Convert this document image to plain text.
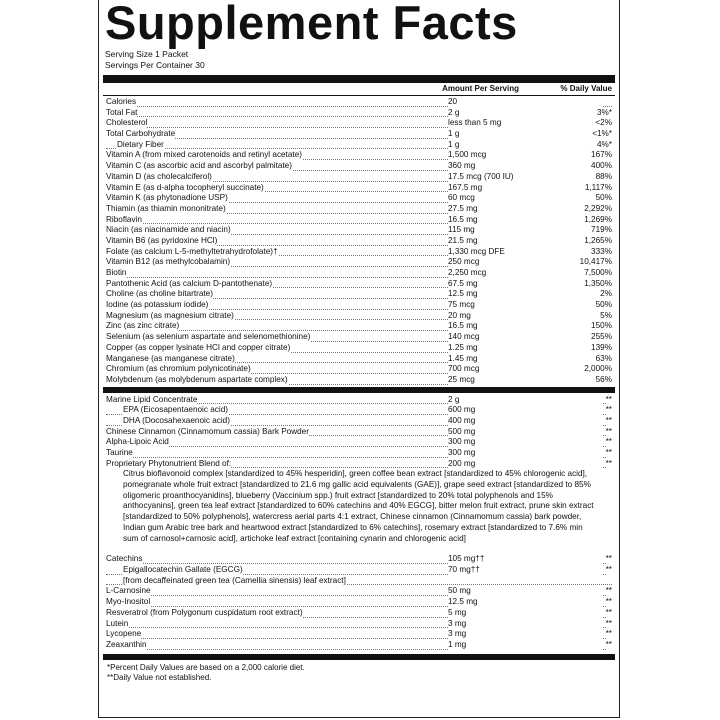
Supplement Facts
Serving Size 1 Packet
Servings Per Container 30
Amount Per Serving	% Daily Value
Calories	20
Total Fat	2 g	3%*
Cholesterol	less than 5 mg	<2%
Total Carbohydrate	1 g	<1%*
Dietary Fiber	1 g	4%*
Vitamin A (from mixed carotenoids and retinyl acetate)	1,500 mcg	167%
Vitamin C (as ascorbic acid and ascorbyl palmitate)	360 mg	400%
Vitamin D (as cholecalciferol)	17.5 mcg (700 IU)	88%
Vitamin E (as d-alpha tocopheryl succinate)	167.5 mg	1,117%
Vitamin K (as phytonadione USP)	60 mcg	50%
Thiamin (as thiamin mononitrate)	27.5 mg	2,292%
Riboflavin	16.5 mg	1,269%
Niacin (as niacinamide and niacin)	115 mg	719%
Vitamin B6 (as pyridoxine HCl)	21.5 mg	1,265%
Folate (as calcium L-5-methyltetrahydrofolate)†	1,330 mcg DFE	333%
Vitamin B12 (as methylcobalamin)	250 mcg	10,417%
Biotin	2,250 mcg	7,500%
Pantothenic Acid (as calcium D-pantothenate)	67.5 mg	1,350%
Choline (as choline bitartrate)	12.5 mg	2%
Iodine (as potassium iodide)	75 mcg	50%
Magnesium (as magnesium citrate)	20 mg	5%
Zinc (as zinc citrate)	16.5 mg	150%
Selenium (as selenium aspartate and selenomethionine)	140 mcg	255%
Copper (as copper lysinate HCl and copper citrate)	1.25 mg	139%
Manganese (as manganese citrate)	1.45 mg	63%
Chromium (as chromium polynicotinate)	700 mcg	2,000%
Molybdenum (as molybdenum aspartate complex)	25 mcg	56%
Marine Lipid Concentrate	2 g	**
EPA (Eicosapentaenoic acid)	600 mg	**
DHA (Docosahexaenoic acid)	400 mg	**
Chinese Cinnamon (Cinnamomum cassia) Bark Powder	500 mg	**
Alpha-Lipoic Acid	300 mg	**
Taurine	300 mg	**
Proprietary Phytonutrient Blend of:	200 mg	**
Citrus bioflavonoid complex [standardized to 45% hesperidin], green coffee bean extract [standardized to 45% chlorogenic acid], pomegranate whole fruit extract [standardized to 21.6 mg gallic acid equivalents (GAE)], grape seed extract [standardized to 85% oligomeric proanthocyanidins], blueberry (Vaccinium spp.) fruit extract [standardized to 20% total polyphenols and 15% anthocyanins], green tea leaf extract [standardized to 60% catechins and 40% EGCG], bitter melon fruit extract, prune skin extract [standardized to 50% polyphenols], watercress aerial parts 4:1 extract, Chinese cinnamon (Cinnamomum cassia) bark powder, Indian gum Arabic tree bark and heartwood extract [standardized to 6% catechins], rosemary extract [standardized to 7.6% min sum of carnosol+carnosic acid], artichoke leaf extract [containing cynarin and chlorogenic acid]
Catechins	105 mg††	**
Epigallocatechin Gallate (EGCG)	70 mg††	**
[from decaffeinated green tea (Camellia sinensis) leaf extract]
L-Carnosine	50 mg	**
Myo-Inositol	12.5 mg	**
Resveratrol (from Polygonum cuspidatum root extract)	5 mg	**
Lutein	3 mg	**
Lycopene	3 mg	**
Zeaxanthin	1 mg	**
*Percent Daily Values are based on a 2,000 calorie diet.
**Daily Value not established.
